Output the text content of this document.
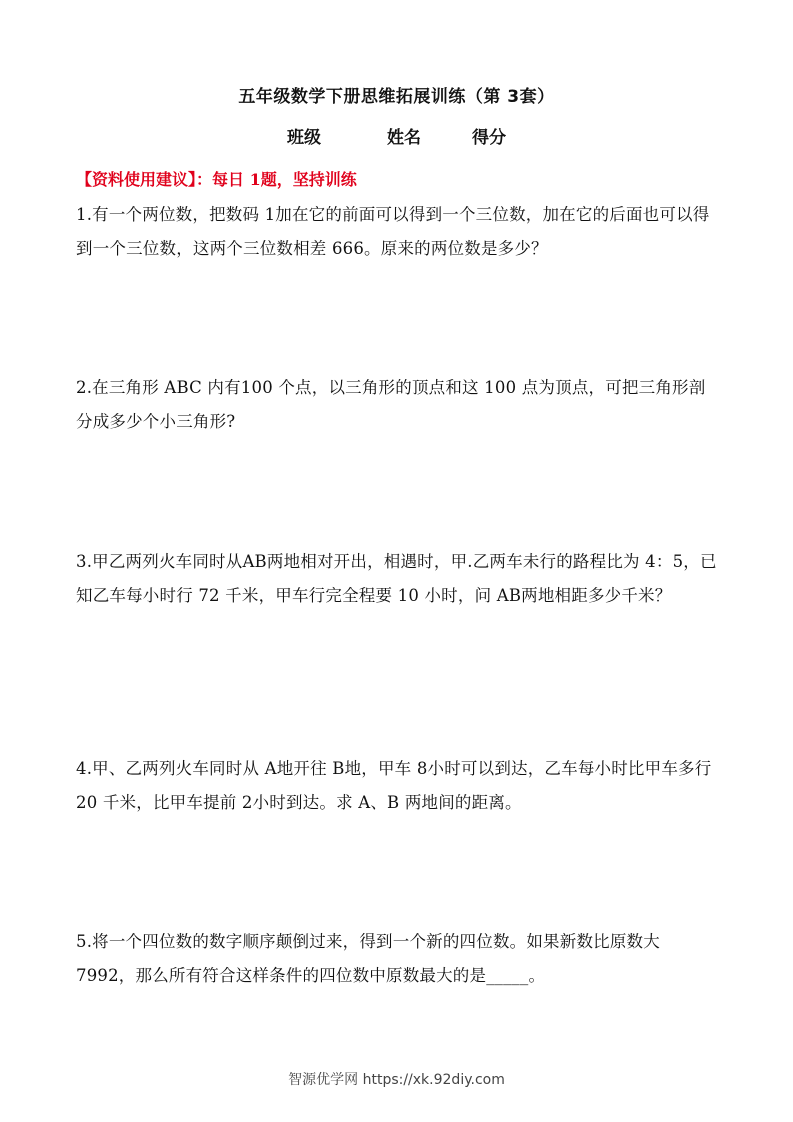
五年级数学下册思维拓展训练（第 3套）
班级	姓名	得分
【资料使用建议】：每日 1题，坚持训练
1.有一个两位数，把数码 1加在它的前面可以得到一个三位数，加在它的后面也可以得到一个三位数，这两个三位数相差 666。原来的两位数是多少？
2.在三角形 ABC 内有100 个点，以三角形的顶点和这 100 点为顶点，可把三角形剖分成多少个小三角形?
3.甲乙两列火车同时从AB两地相对开出，相遇时，甲.乙两车未行的路程比为 4：5，已知乙车每小时行 72 千米，甲车行完全程要 10 小时，问 AB两地相距多少千米？
4.甲、乙两列火车同时从 A地开往 B地，甲车 8小时可以到达，乙车每小时比甲车多行 20 千米，比甲车提前 2小时到达。求 A、B 两地间的距离。
5.将一个四位数的数字顺序颠倒过来，得到一个新的四位数。如果新数比原数大 7992，那么所有符合这样条件的四位数中原数最大的是_____。
智源优学网 https://xk.92diy.com
